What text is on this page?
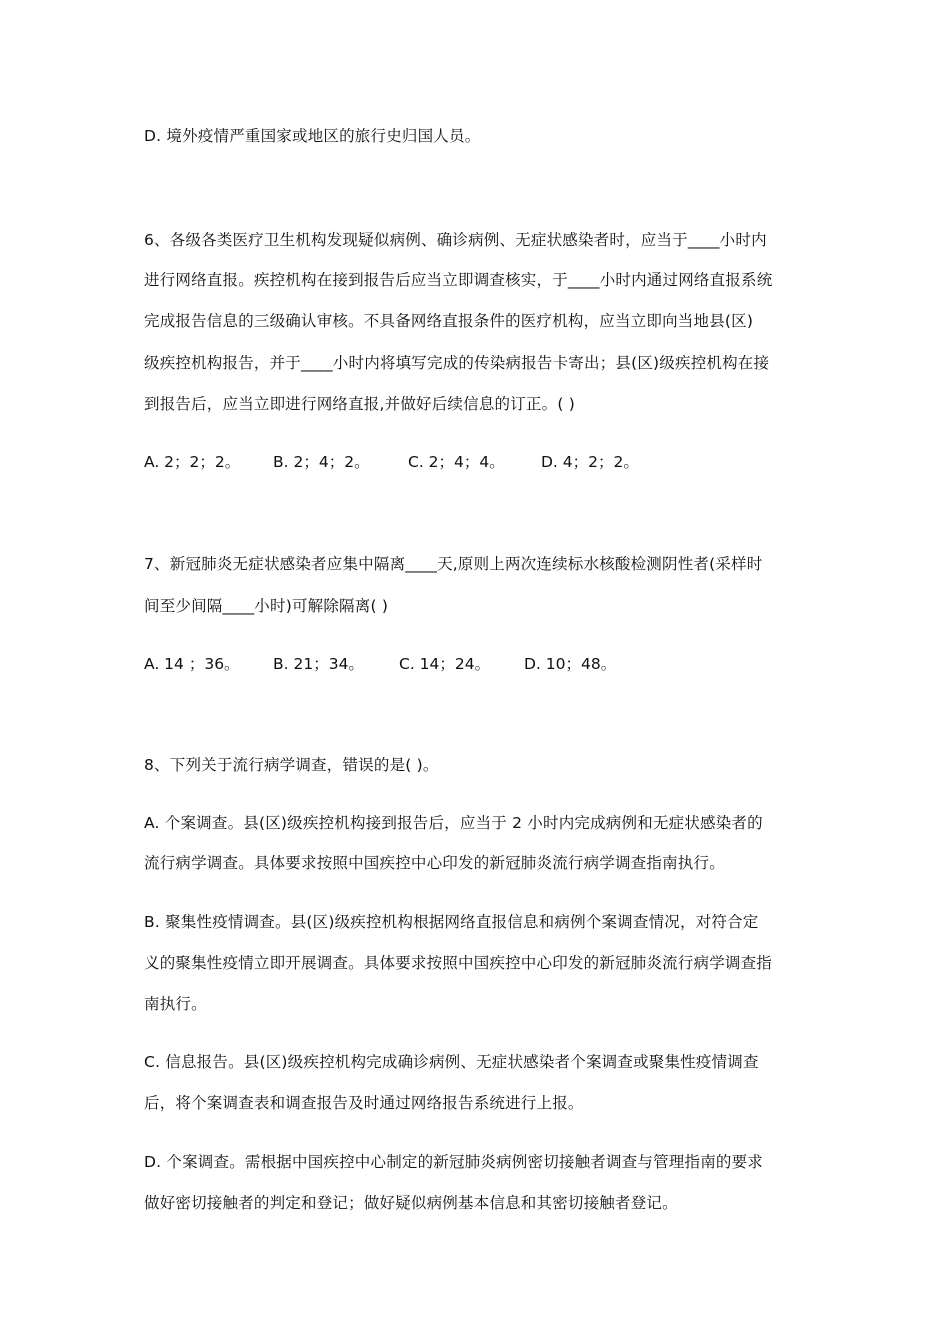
D. 境外疫情严重国家或地区的旅行史归国人员。
6、各级各类医疗卫生机构发现疑似病例、确诊病例、无症状感染者时，应当于____小时内
进行网络直报。疾控机构在接到报告后应当立即调查核实，于____小时内通过网络直报系统
完成报告信息的三级确认审核。不具备网络直报条件的医疗机构，应当立即向当地县(区)
级疾控机构报告，并于____小时内将填写完成的传染病报告卡寄出；县(区)级疾控机构在接
到报告后，应当立即进行网络直报,并做好后续信息的订正。( )
A. 2；2；2。 B. 2；4；2。 C. 2；4；4。 D. 4；2；2。
7、新冠肺炎无症状感染者应集中隔离____天,原则上两次连续标水核酸检测阴性者(采样时
间至少间隔____小时)可解除隔离( )
A. 14 ；36。 B. 21；34。 C. 14；24。 D. 10；48。
8、下列关于流行病学调查，错误的是( )。
A. 个案调查。县(区)级疾控机构接到报告后，应当于 2 小时内完成病例和无症状感染者的
流行病学调查。具体要求按照中国疾控中心印发的新冠肺炎流行病学调查指南执行。
B. 聚集性疫情调查。县(区)级疾控机构根据网络直报信息和病例个案调查情况，对符合定
义的聚集性疫情立即开展调查。具体要求按照中国疾控中心印发的新冠肺炎流行病学调查指
南执行。
C. 信息报告。县(区)级疾控机构完成确诊病例、无症状感染者个案调查或聚集性疫情调查
后，将个案调查表和调查报告及时通过网络报告系统进行上报。
D. 个案调查。需根据中国疾控中心制定的新冠肺炎病例密切接触者调查与管理指南的要求
做好密切接触者的判定和登记；做好疑似病例基本信息和其密切接触者登记。
